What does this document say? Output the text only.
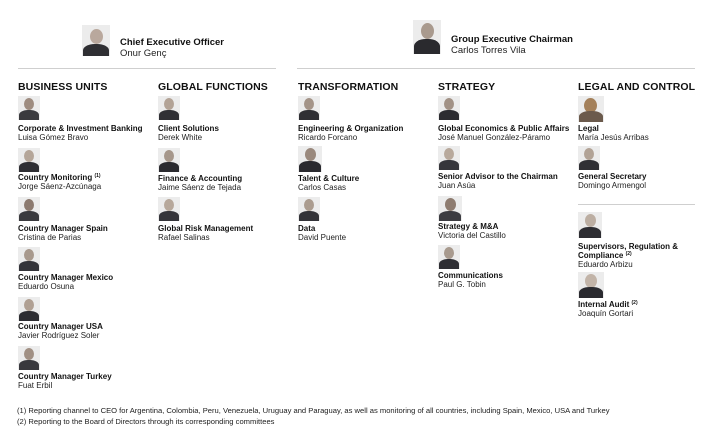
Chief Executive Officer
Onur Genç
Group Executive Chairman
Carlos Torres Vila
BUSINESS UNITS	GLOBAL FUNCTIONS	TRANSFORMATION	STRATEGY	LEGAL AND CONTROL
Corporate & Investment Banking
Luisa Gómez Bravo
Country Monitoring $^{(1)}$
Jorge Sáenz-Azcúnaga
Country Manager Spain
Cristina de Parias
Country Manager Mexico
Eduardo Osuna
Country Manager USA
Javier Rodríguez Soler
Country Manager Turkey
Fuat Erbil
Client Solutions
Derek White
Finance & Accounting
Jaime Sáenz de Tejada
Global Risk Management
Rafael Salinas
Engineering & Organization
Ricardo Forcano
Talent & Culture
Carlos Casas
Data
David Puente
Global Economics & Public Affairs
José Manuel González-Páramo
Senior Advisor to the Chairman
Juan Asúa
Strategy & M&A
Victoria del Castillo
Communications
Paul G. Tobin
Legal
María Jesús Arribas
General Secretary
Domingo Armengol
Supervisors, Regulation &
Compliance $^{(2)}$
Eduardo Arbizu
Internal Audit $^{(2)}$
Joaquín Gortari
(1) Reporting channel to CEO for Argentina, Colombia, Peru, Venezuela, Uruguay and Paraguay, as well as monitoring of all countries, including Spain, Mexico, USA and Turkey
(2) Reporting to the Board of Directors through its corresponding committees
